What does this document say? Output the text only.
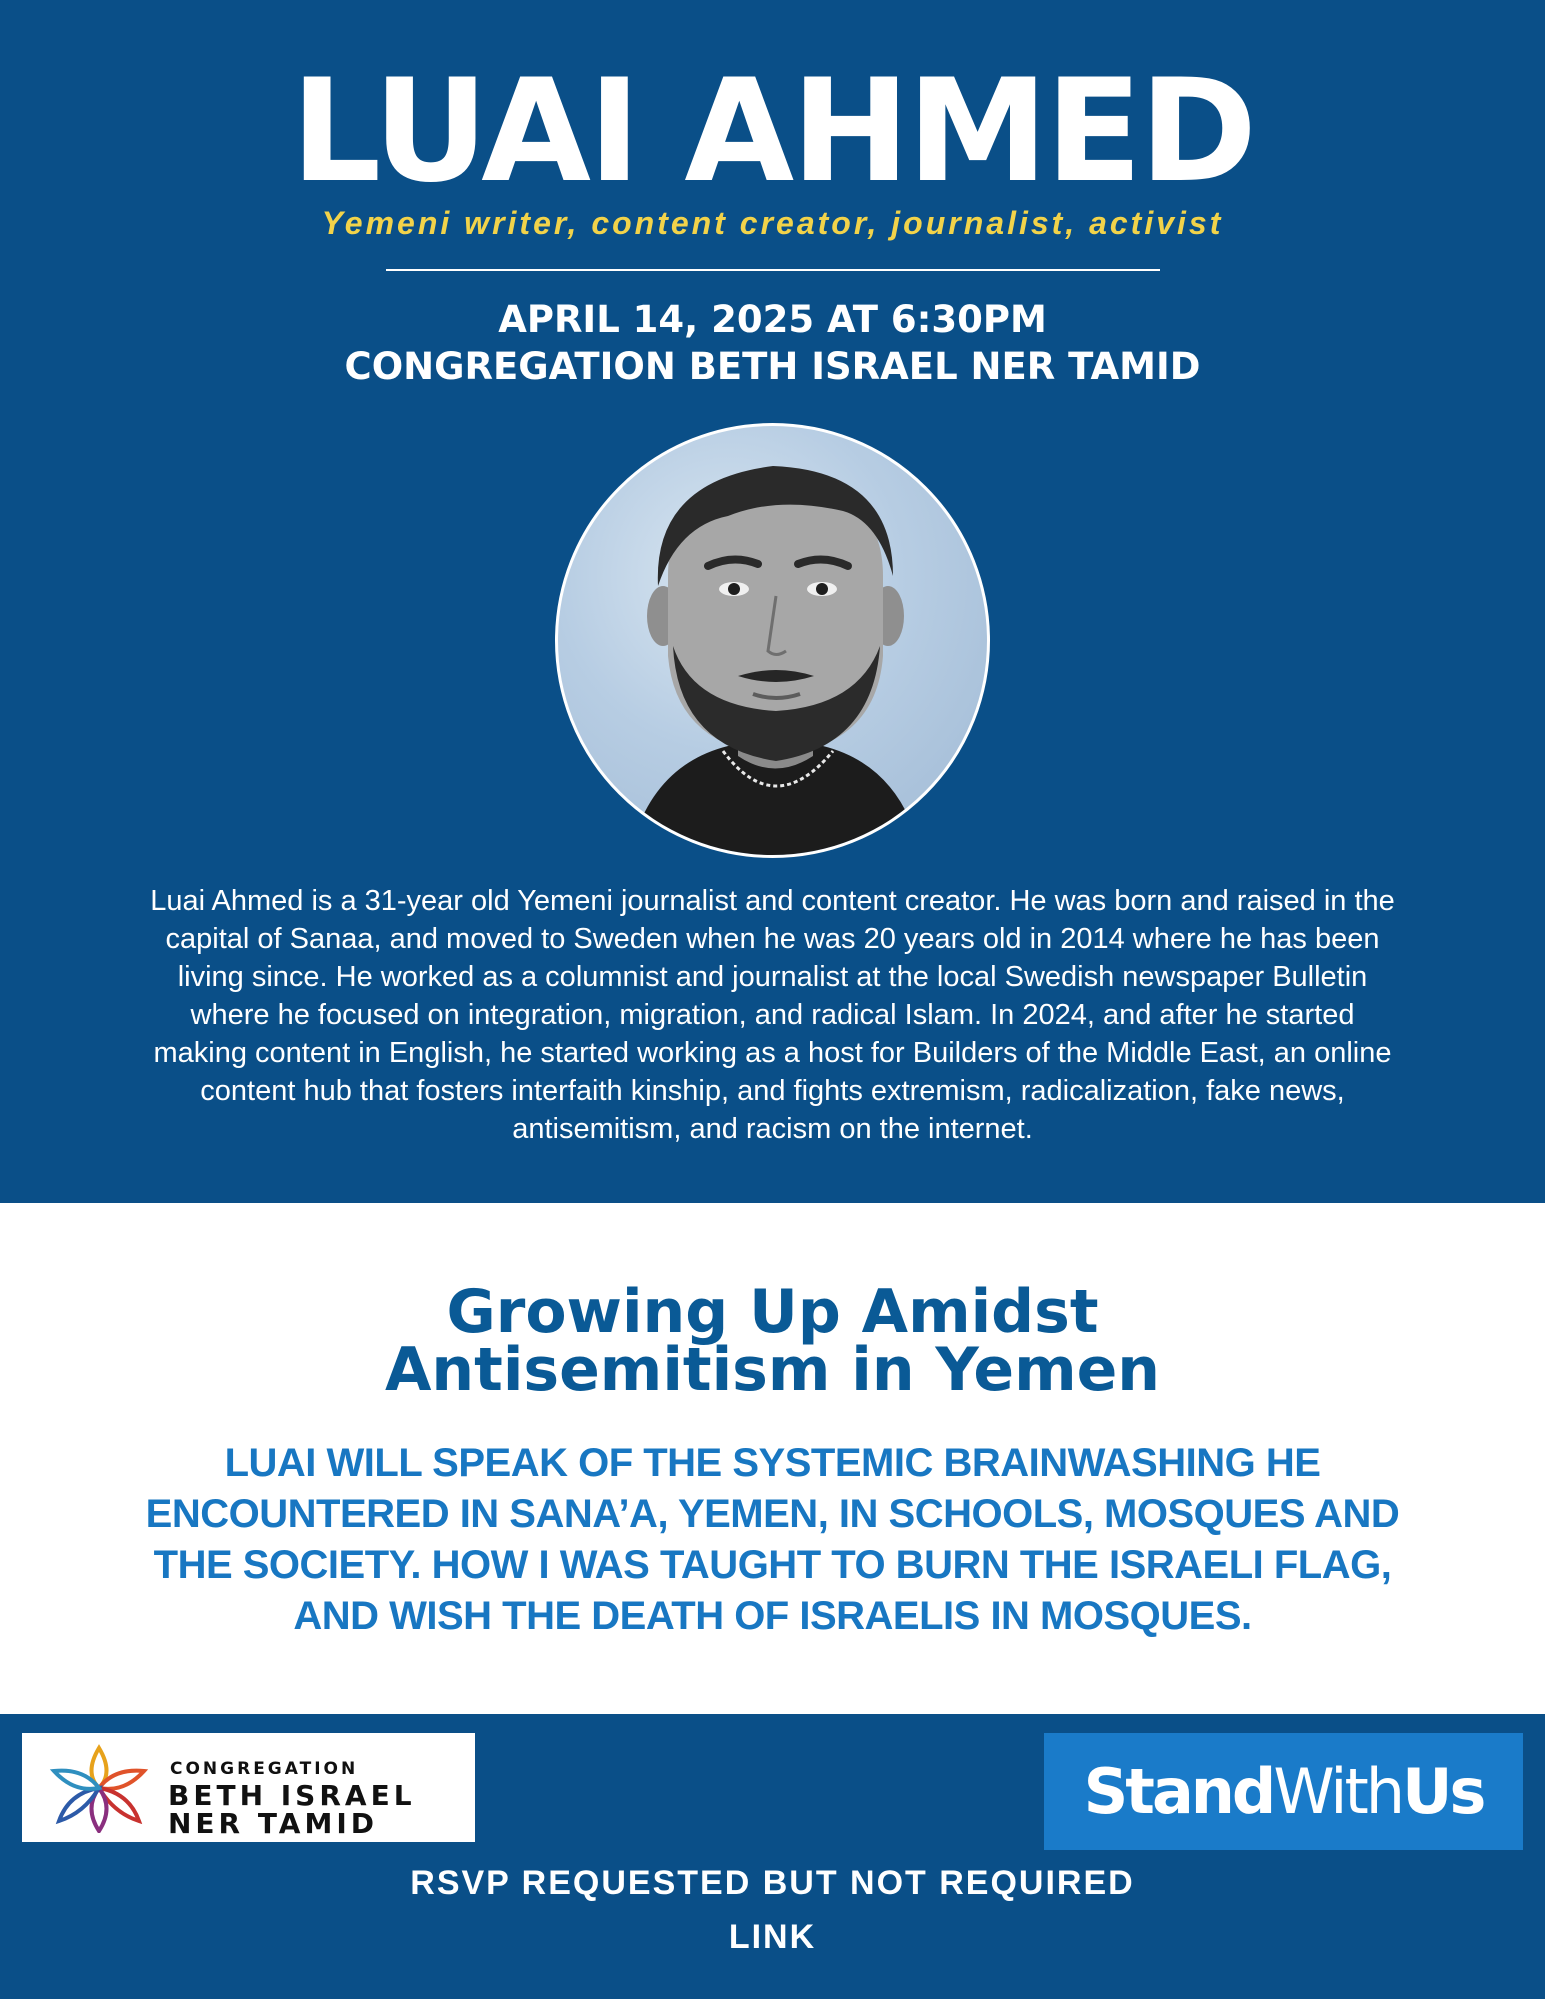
LUAI AHMED
Yemeni writer, content creator, journalist, activist
APRIL 14, 2025 AT 6:30PM
CONGREGATION BETH ISRAEL NER TAMID
Luai Ahmed is a 31-year old Yemeni journalist and content creator. He was born and raised in the capital of Sanaa, and moved to Sweden when he was 20 years old in 2014 where he has been living since. He worked as a columnist and journalist at the local Swedish newspaper Bulletin where he focused on integration, migration, and radical Islam. In 2024, and after he started making content in English, he started working as a host for Builders of the Middle East, an online content hub that fosters interfaith kinship, and fights extremism, radicalization, fake news, antisemitism, and racism on the internet.
Growing Up Amidst
Antisemitism in Yemen
LUAI WILL SPEAK OF THE SYSTEMIC BRAINWASHING HE ENCOUNTERED IN SANA’A, YEMEN, IN SCHOOLS, MOSQUES AND THE SOCIETY. HOW I WAS TAUGHT TO BURN THE ISRAELI FLAG, AND WISH THE DEATH OF ISRAELIS IN MOSQUES.
CONGREGATION
BETH ISRAEL
NER TAMID	Stand With Us
RSVP REQUESTED BUT NOT REQUIRED
LINK
